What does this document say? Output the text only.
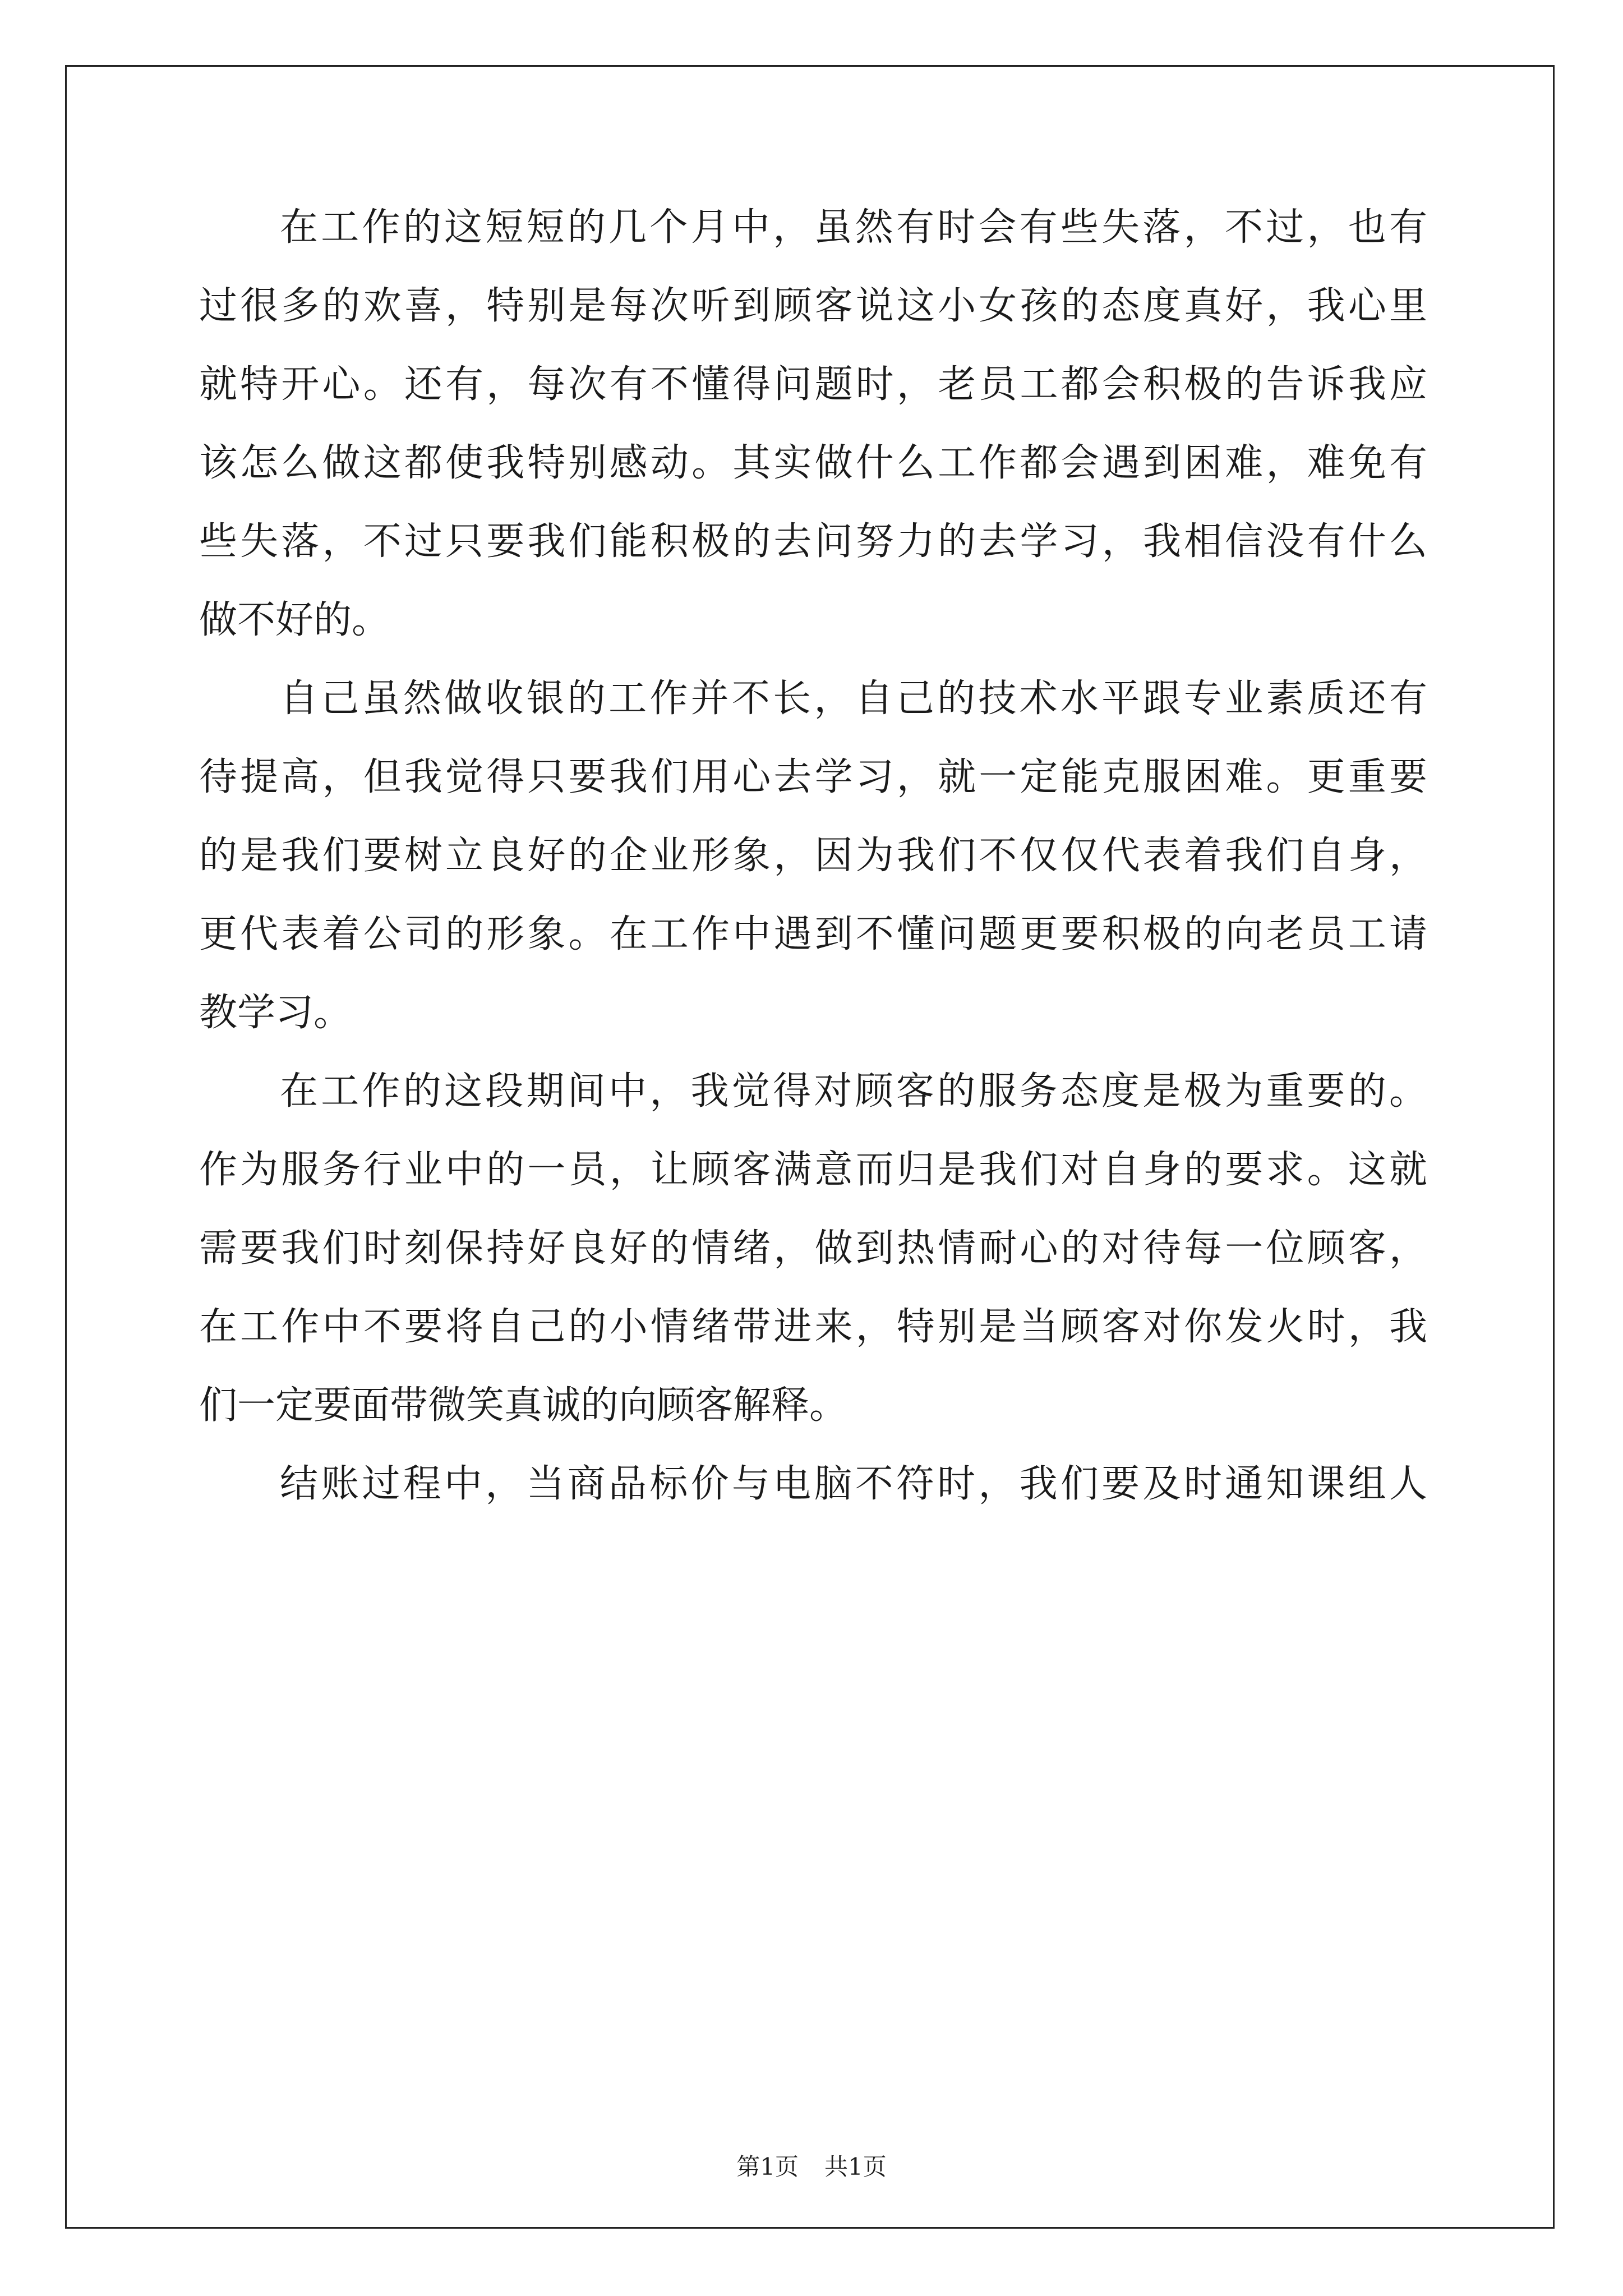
在工作的这短短的几个月中，虽然有时会有些失落，不过，也有
过很多的欢喜，特别是每次听到顾客说这小女孩的态度真好，我心里
就特开心。还有，每次有不懂得问题时，老员工都会积极的告诉我应
该怎么做这都使我特别感动。其实做什么工作都会遇到困难，难免有
些失落，不过只要我们能积极的去问努力的去学习，我相信没有什么
做不好的。
自己虽然做收银的工作并不长，自己的技术水平跟专业素质还有
待提高，但我觉得只要我们用心去学习，就一定能克服困难。更重要
的是我们要树立良好的企业形象，因为我们不仅仅代表着我们自身，
更代表着公司的形象。在工作中遇到不懂问题更要积极的向老员工请
教学习。
在工作的这段期间中，我觉得对顾客的服务态度是极为重要的。
作为服务行业中的一员，让顾客满意而归是我们对自身的要求。这就
需要我们时刻保持好良好的情绪，做到热情耐心的对待每一位顾客，
在工作中不要将自己的小情绪带进来，特别是当顾客对你发火时，我
们一定要面带微笑真诚的向顾客解释。
结账过程中，当商品标价与电脑不符时，我们要及时通知课组人
第1页 共1页
